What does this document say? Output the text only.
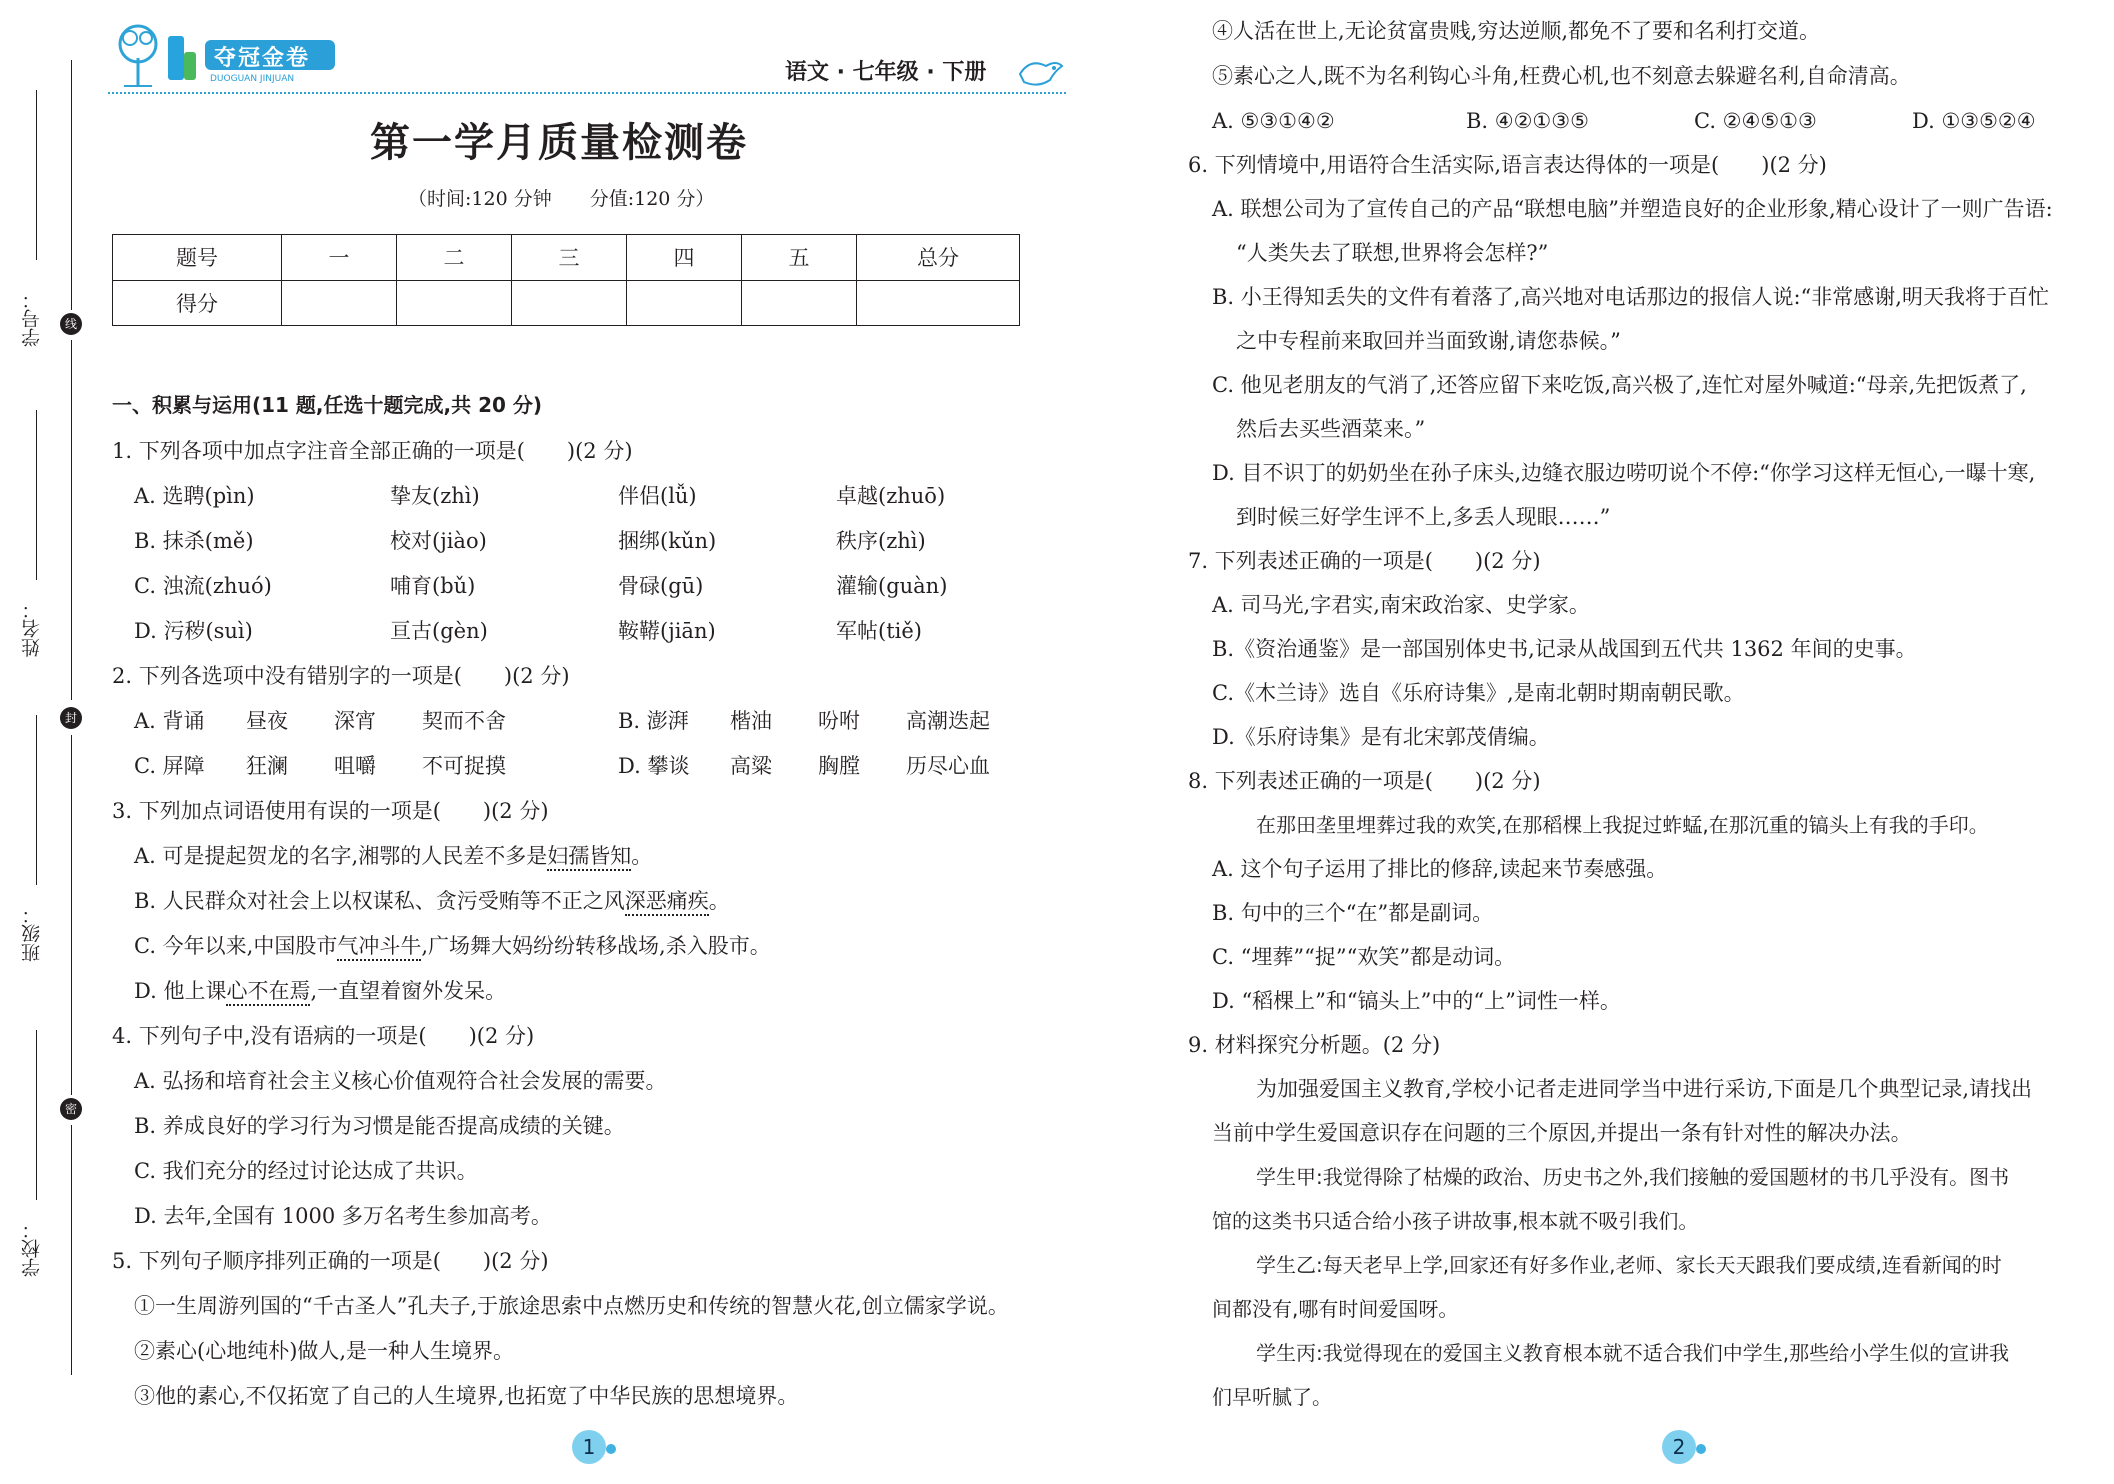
学号：	线
姓名：
封
班级：
密
学校：
夺冠金卷
DUOGUAN JINJUAN	语文 · 七年级 · 下册
第一学月质量检测卷
（时间:120 分钟　　分值:120 分）
题号	一	二	三	四	五	总分
得分						
一、积累与运用(11 题,任选十题完成,共 20 分)
1. 下列各项中加点字注音全部正确的一项是(　　)(2 分)
A. 选聘(pìn)	挚友(zhì)	伴侣(lǚ)	卓越(zhuō)
B. 抹杀(mě)	校对(jiào)	捆绑(kǔn)	秩序(zhì)
C. 浊流(zhuó)	哺育(bǔ)	骨碌(gū)	灌输(guàn)
D. 污秽(suì)	亘古(gèn)	鞍鞯(jiān)	军帖(tiě)
2. 下列各选项中没有错别字的一项是(　　)(2 分)
A. 背诵 昼夜 深宵 契而不舍	B. 澎湃 楷油 吩咐 高潮迭起
C. 屏障 狂澜 咀嚼 不可捉摸	D. 攀谈 高粱 胸膛 历尽心血
3. 下列加点词语使用有误的一项是(　　)(2 分)
A. 可是提起贺龙的名字,湘鄂的人民差不多是妇孺皆知。
B. 人民群众对社会上以权谋私、贪污受贿等不正之风深恶痛疾。
C. 今年以来,中国股市气冲斗牛,广场舞大妈纷纷转移战场,杀入股市。
D. 他上课心不在焉,一直望着窗外发呆。
4. 下列句子中,没有语病的一项是(　　)(2 分)
A. 弘扬和培育社会主义核心价值观符合社会发展的需要。
B. 养成良好的学习行为习惯是能否提高成绩的关键。
C. 我们充分的经过讨论达成了共识。
D. 去年,全国有 1000 多万名考生参加高考。
5. 下列句子顺序排列正确的一项是(　　)(2 分)
①一生周游列国的“千古圣人”孔夫子,于旅途思索中点燃历史和传统的智慧火花,创立儒家学说。
②素心(心地纯朴)做人,是一种人生境界。
③他的素心,不仅拓宽了自己的人生境界,也拓宽了中华民族的思想境界。
1
④人活在世上,无论贫富贵贱,穷达逆顺,都免不了要和名利打交道。
⑤素心之人,既不为名利钩心斗角,枉费心机,也不刻意去躲避名利,自命清高。
A. ⑤③①④②	B. ④②①③⑤	C. ②④⑤①③	D. ①③⑤②④
6. 下列情境中,用语符合生活实际,语言表达得体的一项是(　　)(2 分)
A. 联想公司为了宣传自己的产品“联想电脑”并塑造良好的企业形象,精心设计了一则广告语:
“人类失去了联想,世界将会怎样?”
B. 小王得知丢失的文件有着落了,高兴地对电话那边的报信人说:“非常感谢,明天我将于百忙
之中专程前来取回并当面致谢,请您恭候。”
C. 他见老朋友的气消了,还答应留下来吃饭,高兴极了,连忙对屋外喊道:“母亲,先把饭煮了,
然后去买些酒菜来。”
D. 目不识丁的奶奶坐在孙子床头,边缝衣服边唠叨说个不停:“你学习这样无恒心,一曝十寒,
到时候三好学生评不上,多丢人现眼……”
7. 下列表述正确的一项是(　　)(2 分)
A. 司马光,字君实,南宋政治家、史学家。
B.《资治通鉴》是一部国别体史书,记录从战国到五代共 1362 年间的史事。
C.《木兰诗》选自《乐府诗集》,是南北朝时期南朝民歌。
D.《乐府诗集》是有北宋郭茂倩编。
8. 下列表述正确的一项是(　　)(2 分)
在那田垄里埋葬过我的欢笑,在那稻棵上我捉过蚱蜢,在那沉重的镐头上有我的手印。
A. 这个句子运用了排比的修辞,读起来节奏感强。
B. 句中的三个“在”都是副词。
C. “埋葬”“捉”“欢笑”都是动词。
D. “稻棵上”和“镐头上”中的“上”词性一样。
9. 材料探究分析题。(2 分)
为加强爱国主义教育,学校小记者走进同学当中进行采访,下面是几个典型记录,请找出
当前中学生爱国意识存在问题的三个原因,并提出一条有针对性的解决办法。
学生甲:我觉得除了枯燥的政治、历史书之外,我们接触的爱国题材的书几乎没有。图书
馆的这类书只适合给小孩子讲故事,根本就不吸引我们。
学生乙:每天老早上学,回家还有好多作业,老师、家长天天跟我们要成绩,连看新闻的时
间都没有,哪有时间爱国呀。
学生丙:我觉得现在的爱国主义教育根本就不适合我们中学生,那些给小学生似的宣讲我
们早听腻了。
2
